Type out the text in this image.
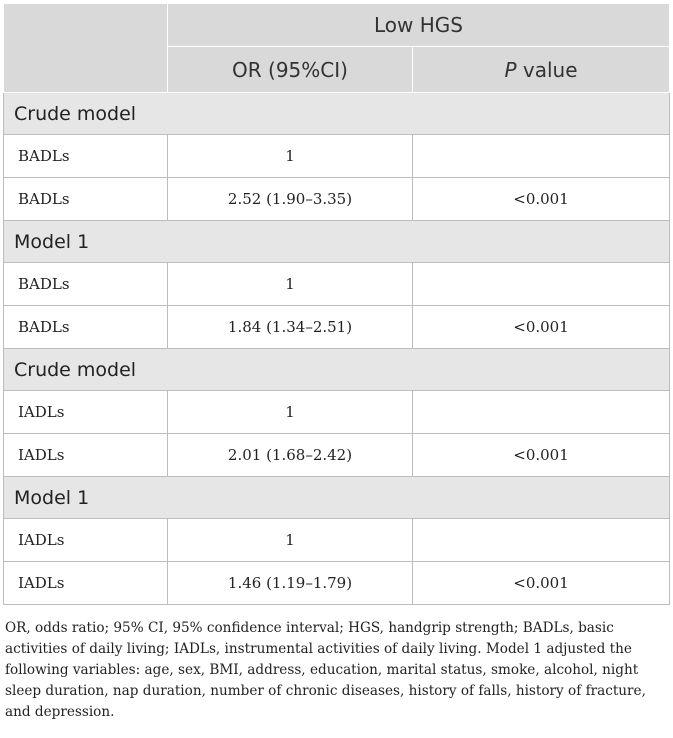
	Low HGS	
	OR (95%CI)	P value
Crude model		
BADLs	1	
BADLs	2.52 (1.90–3.35)	<0.001
Model 1		
BADLs	1	
BADLs	1.84 (1.34–2.51)	<0.001
Crude model		
IADLs	1	
IADLs	2.01 (1.68–2.42)	<0.001
Model 1		
IADLs	1	
IADLs	1.46 (1.19–1.79)	<0.001
OR, odds ratio; 95% CI, 95% confidence interval; HGS, handgrip strength; BADLs, basic activities of daily living; IADLs, instrumental activities of daily living. Model 1 adjusted the following variables: age, sex, BMI, address, education, marital status, smoke, alcohol, night sleep duration, nap duration, number of chronic diseases, history of falls, history of fracture, and depression.
